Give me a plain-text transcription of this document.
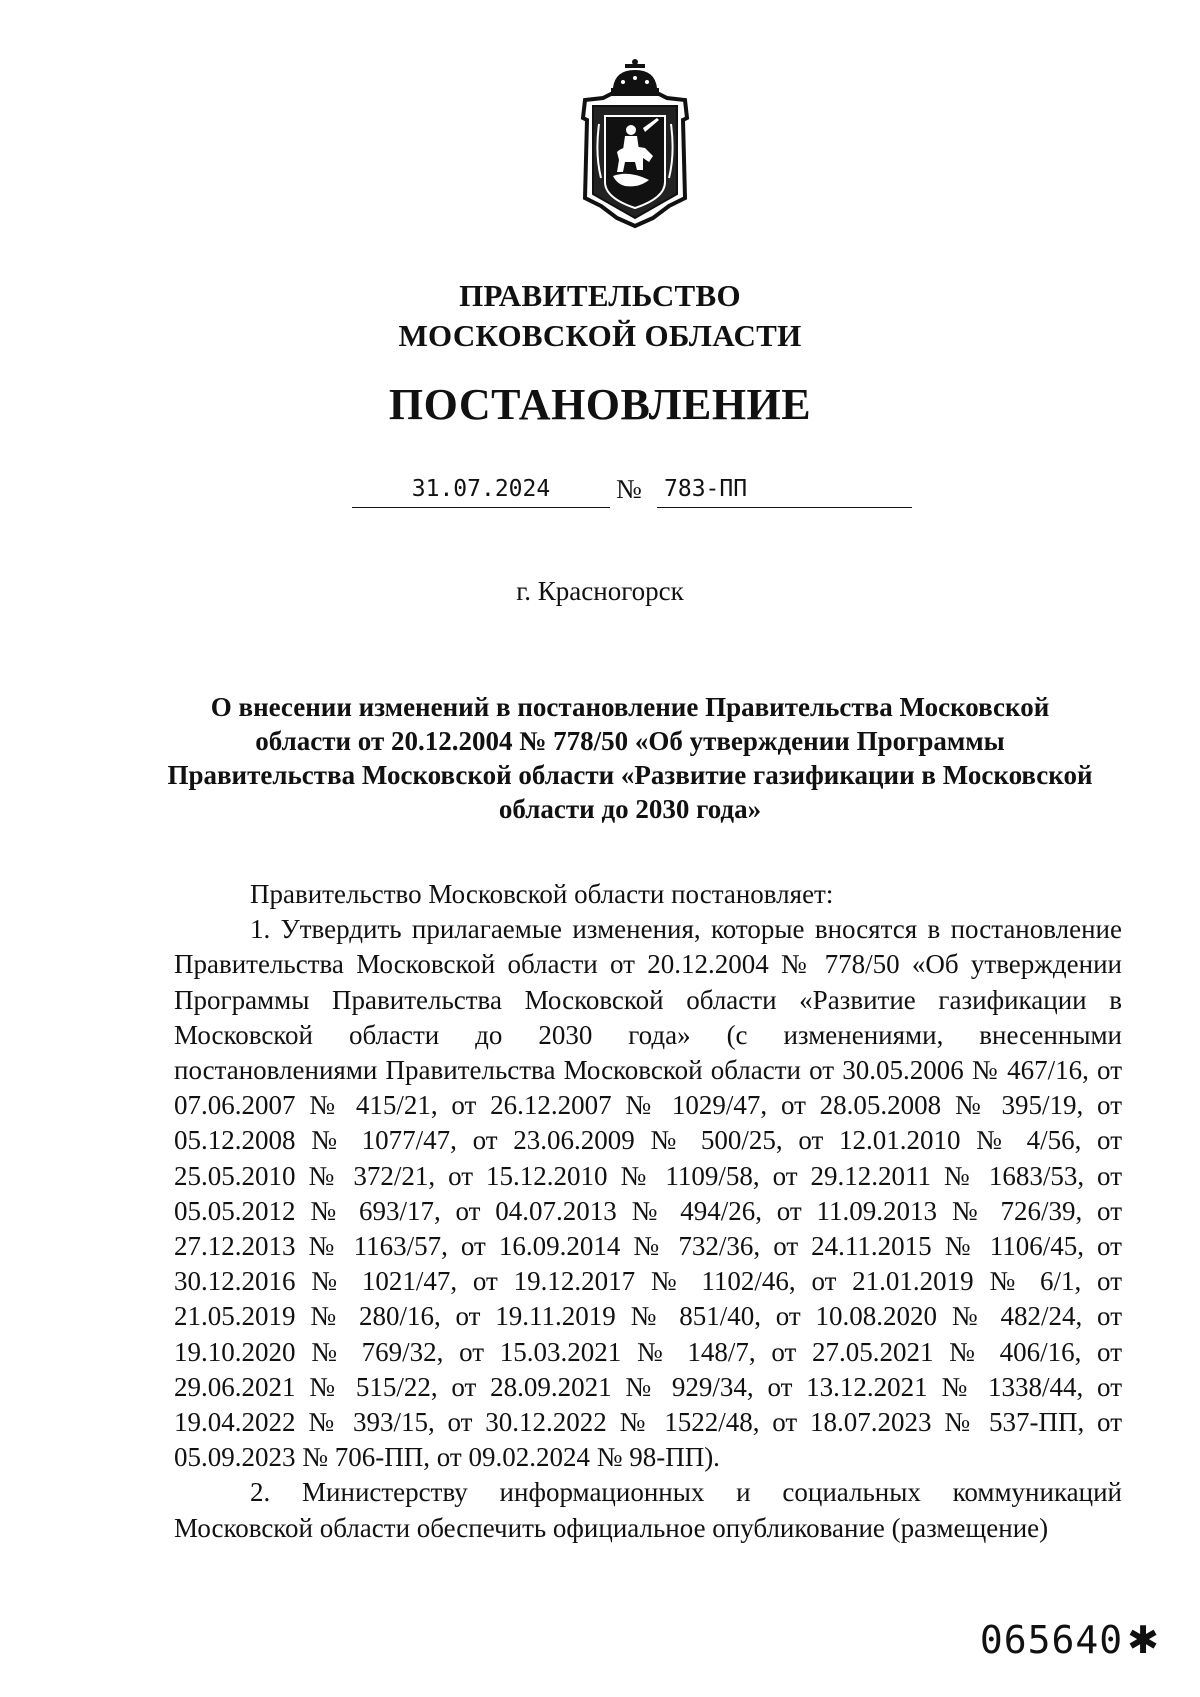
ПРАВИТЕЛЬСТВО
МОСКОВСКОЙ ОБЛАСТИ
ПОСТАНОВЛЕНИЕ
31.07.2024	№ 783-ПП
г. Красногорск
О внесении изменений в постановление Правительства Московской области от 20.12.2004 № 778/50 «Об утверждении Программы Правительства Московской области «Развитие газификации в Московской области до 2030 года»

Правительство Московской области постановляет:

1. Утвердить прилагаемые изменения, которые вносятся в постановление Правительства Московской области от 20.12.2004 № 778/50 «Об утверждении Программы Правительства Московской области «Развитие газификации в Московской области до 2030 года» (с изменениями, внесенными постановлениями Правительства Московской области от 30.05.2006 № 467/16, от 07.06.2007 № 415/21, от 26.12.2007 № 1029/47, от 28.05.2008 № 395/19, от 05.12.2008 № 1077/47, от 23.06.2009 № 500/25, от 12.01.2010 № 4/56, от 25.05.2010 № 372/21, от 15.12.2010 № 1109/58, от 29.12.2011 № 1683/53, от 05.05.2012 № 693/17, от 04.07.2013 № 494/26, от 11.09.2013 № 726/39, от 27.12.2013 № 1163/57, от 16.09.2014 № 732/36, от 24.11.2015 № 1106/45, от 30.12.2016 № 1021/47, от 19.12.2017 № 1102/46, от 21.01.2019 № 6/1, от 21.05.2019 № 280/16, от 19.11.2019 № 851/40, от 10.08.2020 № 482/24, от 19.10.2020 № 769/32, от 15.03.2021 № 148/7, от 27.05.2021 № 406/16, от 29.06.2021 № 515/22, от 28.09.2021 № 929/34, от 13.12.2021 № 1338/44, от 19.04.2022 № 393/15, от 30.12.2022 № 1522/48, от 18.07.2023 № 537-ПП, от 05.09.2023 № 706-ПП, от 09.02.2024 № 98-ПП).

2. Министерству информационных и социальных коммуникаций Московской области обеспечить официальное опубликование (размещение)

065640 ✱
